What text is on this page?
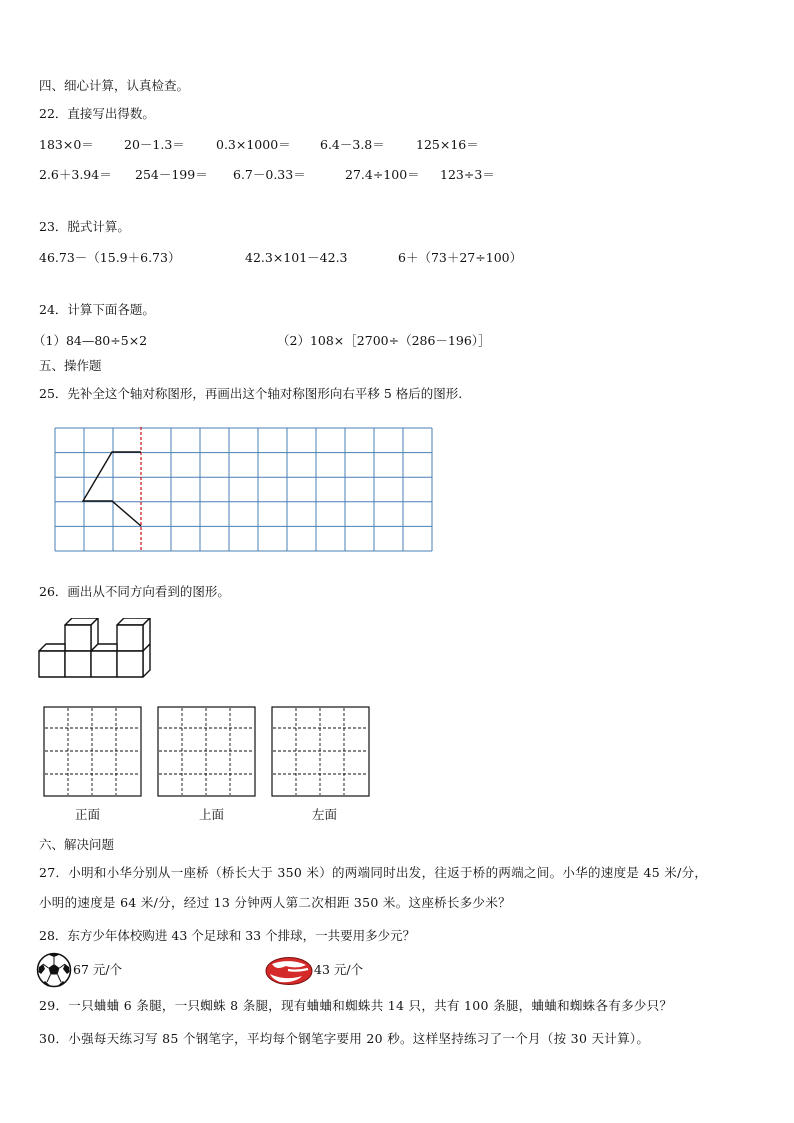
四、细心计算，认真检查。
22．直接写出得数。
183×0＝ 20－1.3＝ 0.3×1000＝ 6.4－3.8＝ 125×16＝
2.6＋3.94＝ 254－199＝ 6.7－0.33＝	27.4÷100＝ 123÷3＝
23．脱式计算。
46.73－（15.9＋6.73）	42.3×101－42.3	6＋（73＋27÷100）
24．计算下面各题。
（1）84—80÷5×2	（2）108×［2700÷（286－196）］
五、操作题
25．先补全这个轴对称图形，再画出这个轴对称图形向右平移 5 格后的图形.
26．画出从不同方向看到的图形。
正面	上面	左面
六、解决问题
27．小明和小华分别从一座桥（桥长大于 350 米）的两端同时出发，往返于桥的两端之间。小华的速度是 45 米/分，
小明的速度是 64 米/分，经过 13 分钟两人第二次相距 350 米。这座桥长多少米？
28．东方少年体校购进 43 个足球和 33 个排球，一共要用多少元？
67 元/个	43 元/个
29．一只蛐蛐 6 条腿，一只蜘蛛 8 条腿，现有蛐蛐和蜘蛛共 14 只，共有 100 条腿，蛐蛐和蜘蛛各有多少只？
30．小强每天练习写 85 个钢笔字，平均每个钢笔字要用 20 秒。这样坚持练习了一个月（按 30 天计算）。
